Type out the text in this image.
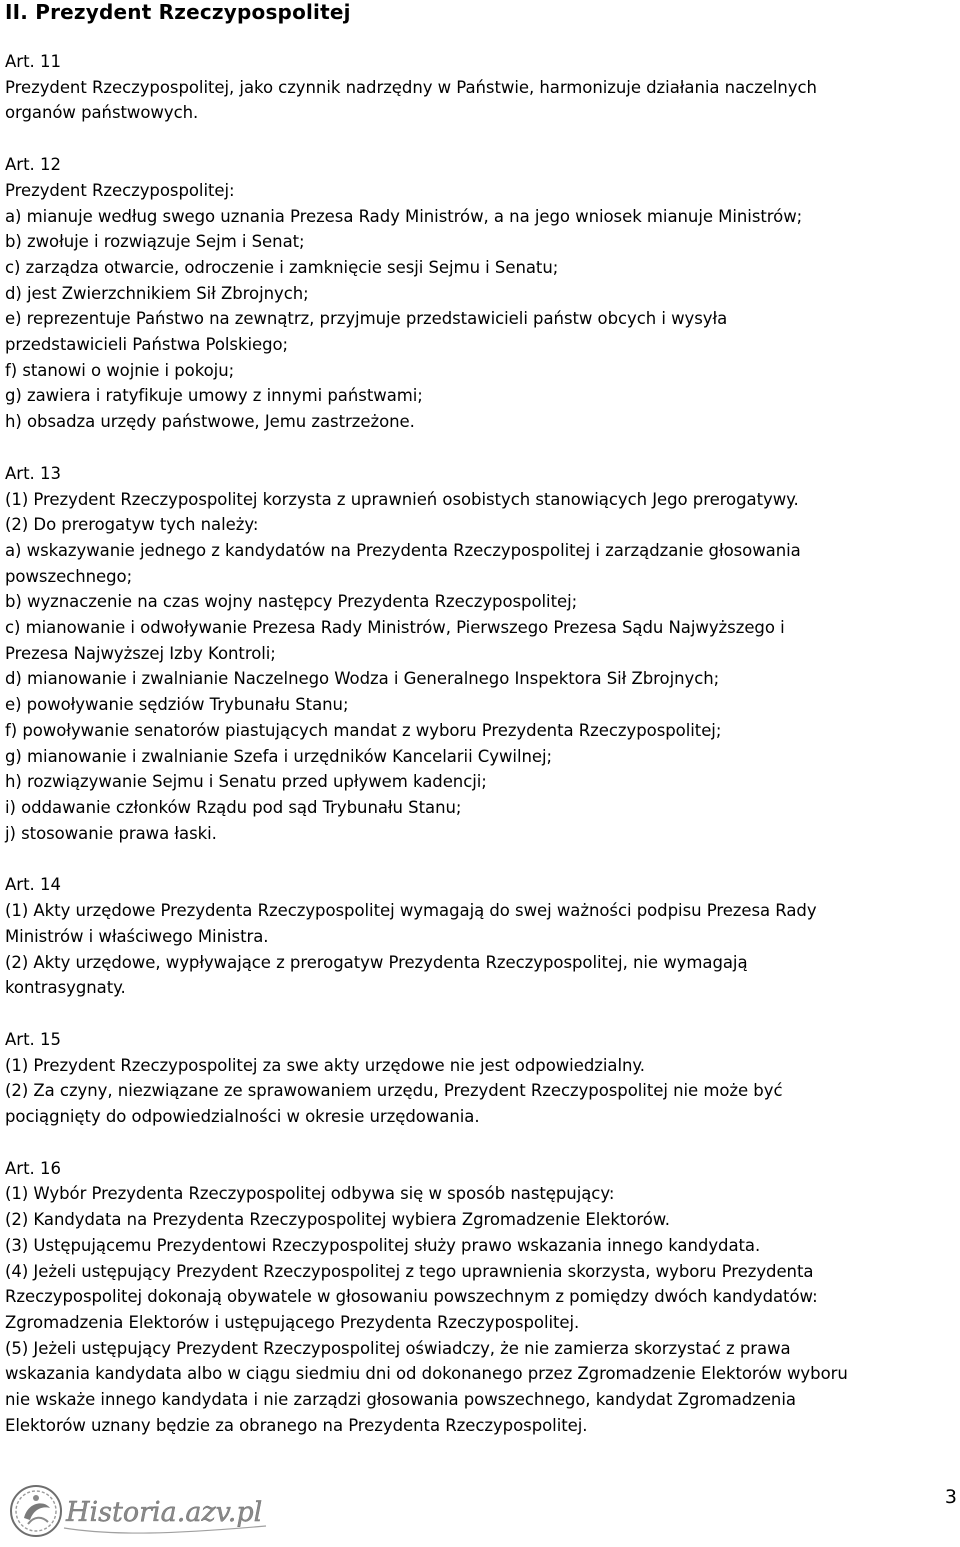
II. Prezydent Rzeczypospolitej
Art. 11
Prezydent Rzeczypospolitej, jako czynnik nadrzędny w Państwie, harmonizuje działania naczelnych
organów państwowych.
Art. 12
Prezydent Rzeczypospolitej:
a) mianuje według swego uznania Prezesa Rady Ministrów, a na jego wniosek mianuje Ministrów;
b) zwołuje i rozwiązuje Sejm i Senat;
c) zarządza otwarcie, odroczenie i zamknięcie sesji Sejmu i Senatu;
d) jest Zwierzchnikiem Sił Zbrojnych;
e) reprezentuje Państwo na zewnątrz, przyjmuje przedstawicieli państw obcych i wysyła
przedstawicieli Państwa Polskiego;
f) stanowi o wojnie i pokoju;
g) zawiera i ratyfikuje umowy z innymi państwami;
h) obsadza urzędy państwowe, Jemu zastrzeżone.
Art. 13
(1) Prezydent Rzeczypospolitej korzysta z uprawnień osobistych stanowiących Jego prerogatywy.
(2) Do prerogatyw tych należy:
a) wskazywanie jednego z kandydatów na Prezydenta Rzeczypospolitej i zarządzanie głosowania
powszechnego;
b) wyznaczenie na czas wojny następcy Prezydenta Rzeczypospolitej;
c) mianowanie i odwoływanie Prezesa Rady Ministrów, Pierwszego Prezesa Sądu Najwyższego i
Prezesa Najwyższej Izby Kontroli;
d) mianowanie i zwalnianie Naczelnego Wodza i Generalnego Inspektora Sił Zbrojnych;
e) powoływanie sędziów Trybunału Stanu;
f) powoływanie senatorów piastujących mandat z wyboru Prezydenta Rzeczypospolitej;
g) mianowanie i zwalnianie Szefa i urzędników Kancelarii Cywilnej;
h) rozwiązywanie Sejmu i Senatu przed upływem kadencji;
i) oddawanie członków Rządu pod sąd Trybunału Stanu;
j) stosowanie prawa łaski.
Art. 14
(1) Akty urzędowe Prezydenta Rzeczypospolitej wymagają do swej ważności podpisu Prezesa Rady
Ministrów i właściwego Ministra.
(2) Akty urzędowe, wypływające z prerogatyw Prezydenta Rzeczypospolitej, nie wymagają
kontrasygnaty.
Art. 15
(1) Prezydent Rzeczypospolitej za swe akty urzędowe nie jest odpowiedzialny.
(2) Za czyny, niezwiązane ze sprawowaniem urzędu, Prezydent Rzeczypospolitej nie może być
pociągnięty do odpowiedzialności w okresie urzędowania.
Art. 16
(1) Wybór Prezydenta Rzeczypospolitej odbywa się w sposób następujący:
(2) Kandydata na Prezydenta Rzeczypospolitej wybiera Zgromadzenie Elektorów.
(3) Ustępującemu Prezydentowi Rzeczypospolitej służy prawo wskazania innego kandydata.
(4) Jeżeli ustępujący Prezydent Rzeczypospolitej z tego uprawnienia skorzysta, wyboru Prezydenta
Rzeczypospolitej dokonają obywatele w głosowaniu powszechnym z pomiędzy dwóch kandydatów:
Zgromadzenia Elektorów i ustępującego Prezydenta Rzeczypospolitej.
(5) Jeżeli ustępujący Prezydent Rzeczypospolitej oświadczy, że nie zamierza skorzystać z prawa
wskazania kandydata albo w ciągu siedmiu dni od dokonanego przez Zgromadzenie Elektorów wyboru
nie wskaże innego kandydata i nie zarządzi głosowania powszechnego, kandydat Zgromadzenia
Elektorów uznany będzie za obranego na Prezydenta Rzeczypospolitej.
Historia.azv.pl	3
